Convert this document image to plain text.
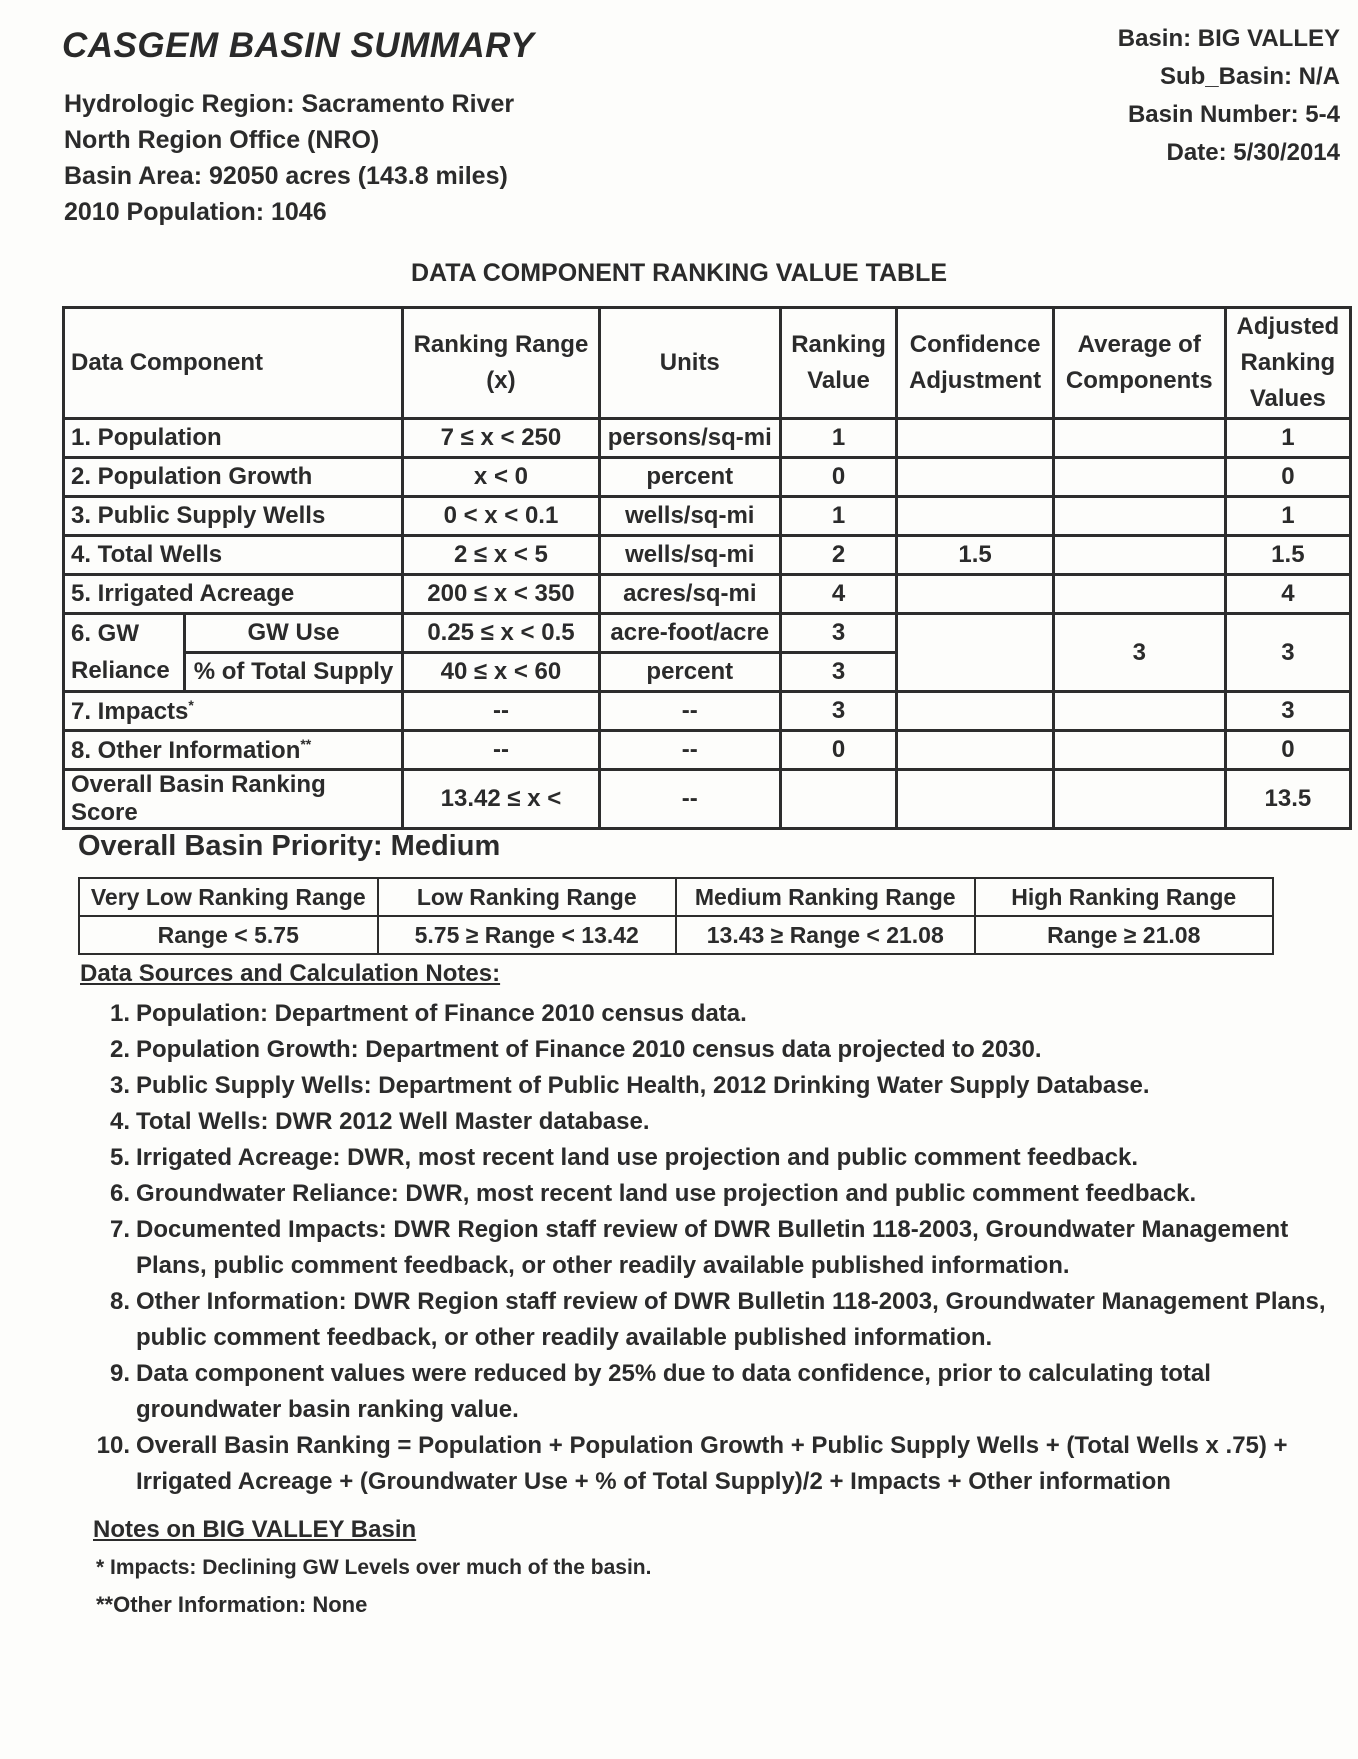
CASGEM BASIN SUMMARY
Hydrologic Region: Sacramento River
North Region Office (NRO)
Basin Area: 92050 acres (143.8 miles)
2010 Population: 1046
Basin: BIG VALLEY
Sub_Basin: N/A
Basin Number: 5-4
Date: 5/30/2014
DATA COMPONENT RANKING VALUE TABLE
Data Component		Ranking Range (x)	Units	Ranking Value	Confidence Adjustment	Average of Components	Adjusted Ranking Values
1. Population		7 ≤ x < 250	persons/sq-mi	1			1
2. Population Growth		x < 0	percent	0			0
3. Public Supply Wells		0 < x < 0.1	wells/sq-mi	1			1
4. Total Wells		2 ≤ x < 5	wells/sq-mi	2	1.5		1.5
5. Irrigated Acreage		200 ≤ x < 350	acres/sq-mi	4			4
6. GW	GW Use	0.25 ≤ x < 0.5	acre-foot/acre	3		3	3
Reliance	% of Total Supply	40 ≤ x < 60	percent	3			
7. Impacts*		--	--	3			3
8. Other Information**		--	--	0			0
Overall Basin Ranking Score		13.42 ≤ x <	--				13.5
Overall Basin Priority: Medium
Very Low Ranking Range	Low Ranking Range	Medium Ranking Range	High Ranking Range
Range < 5.75	5.75 ≥ Range < 13.42	13.43 ≥ Range < 21.08	Range ≥ 21.08
Data Sources and Calculation Notes:
1. Population: Department of Finance 2010 census data.
2. Population Growth: Department of Finance 2010 census data projected to 2030.
3. Public Supply Wells: Department of Public Health, 2012 Drinking Water Supply Database.
4. Total Wells: DWR 2012 Well Master database.
5. Irrigated Acreage: DWR, most recent land use projection and public comment feedback.
6. Groundwater Reliance: DWR, most recent land use projection and public comment feedback.
7. Documented Impacts: DWR Region staff review of DWR Bulletin 118-2003, Groundwater Management Plans, public comment feedback, or other readily available published information.
8. Other Information: DWR Region staff review of DWR Bulletin 118-2003, Groundwater Management Plans, public comment feedback, or other readily available published information.
9. Data component values were reduced by 25% due to data confidence, prior to calculating total groundwater basin ranking value.
10. Overall Basin Ranking = Population + Population Growth + Public Supply Wells + (Total Wells x .75) + Irrigated Acreage + (Groundwater Use + % of Total Supply)/2 + Impacts + Other information
Notes on BIG VALLEY Basin
* Impacts: Declining GW Levels over much of the basin.
**Other Information: None
